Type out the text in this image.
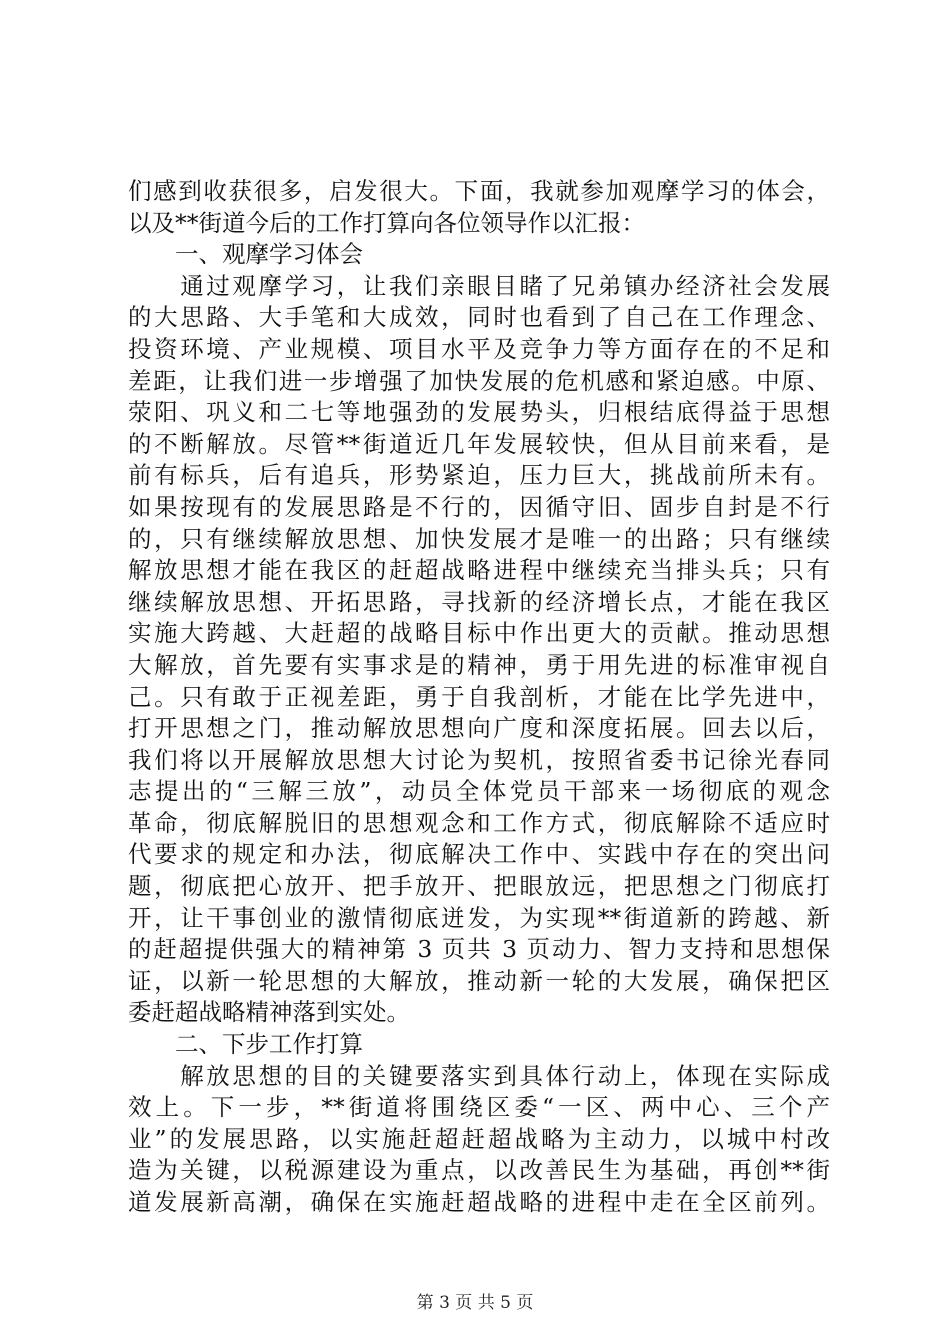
们感到收获很多，启发很大。下面，我就参加观摩学习的体会，
以及**街道今后的工作打算向各位领导作以汇报：
　　一、观摩学习体会
　　通过观摩学习，让我们亲眼目睹了兄弟镇办经济社会发展
的大思路、大手笔和大成效，同时也看到了自己在工作理念、
投资环境、产业规模、项目水平及竞争力等方面存在的不足和
差距，让我们进一步增强了加快发展的危机感和紧迫感。中原、
荥阳、巩义和二七等地强劲的发展势头，归根结底得益于思想
的不断解放。尽管**街道近几年发展较快，但从目前来看，是
前有标兵，后有追兵，形势紧迫，压力巨大，挑战前所未有。
如果按现有的发展思路是不行的，因循守旧、固步自封是不行
的，只有继续解放思想、加快发展才是唯一的出路；只有继续
解放思想才能在我区的赶超战略进程中继续充当排头兵；只有
继续解放思想、开拓思路，寻找新的经济增长点，才能在我区
实施大跨越、大赶超的战略目标中作出更大的贡献。推动思想
大解放，首先要有实事求是的精神，勇于用先进的标准审视自
己。只有敢于正视差距，勇于自我剖析，才能在比学先进中，
打开思想之门，推动解放思想向广度和深度拓展。回去以后，
我们将以开展解放思想大讨论为契机，按照省委书记徐光春同
志提出的“三解三放”，动员全体党员干部来一场彻底的观念
革命，彻底解脱旧的思想观念和工作方式，彻底解除不适应时
代要求的规定和办法，彻底解决工作中、实践中存在的突出问
题，彻底把心放开、把手放开、把眼放远，把思想之门彻底打
开，让干事创业的激情彻底迸发，为实现**街道新的跨越、新
的赶超提供强大的精神第 3 页共 3 页动力、智力支持和思想保
证，以新一轮思想的大解放，推动新一轮的大发展，确保把区
委赶超战略精神落到实处。
　　二、下步工作打算
　　解放思想的目的关键要落实到具体行动上，体现在实际成
效上。下一步，**街道将围绕区委“一区、两中心、三个产
业”的发展思路，以实施赶超赶超战略为主动力，以城中村改
造为关键，以税源建设为重点，以改善民生为基础，再创**街
道发展新高潮，确保在实施赶超战略的进程中走在全区前列。
第 3 页 共 5 页
